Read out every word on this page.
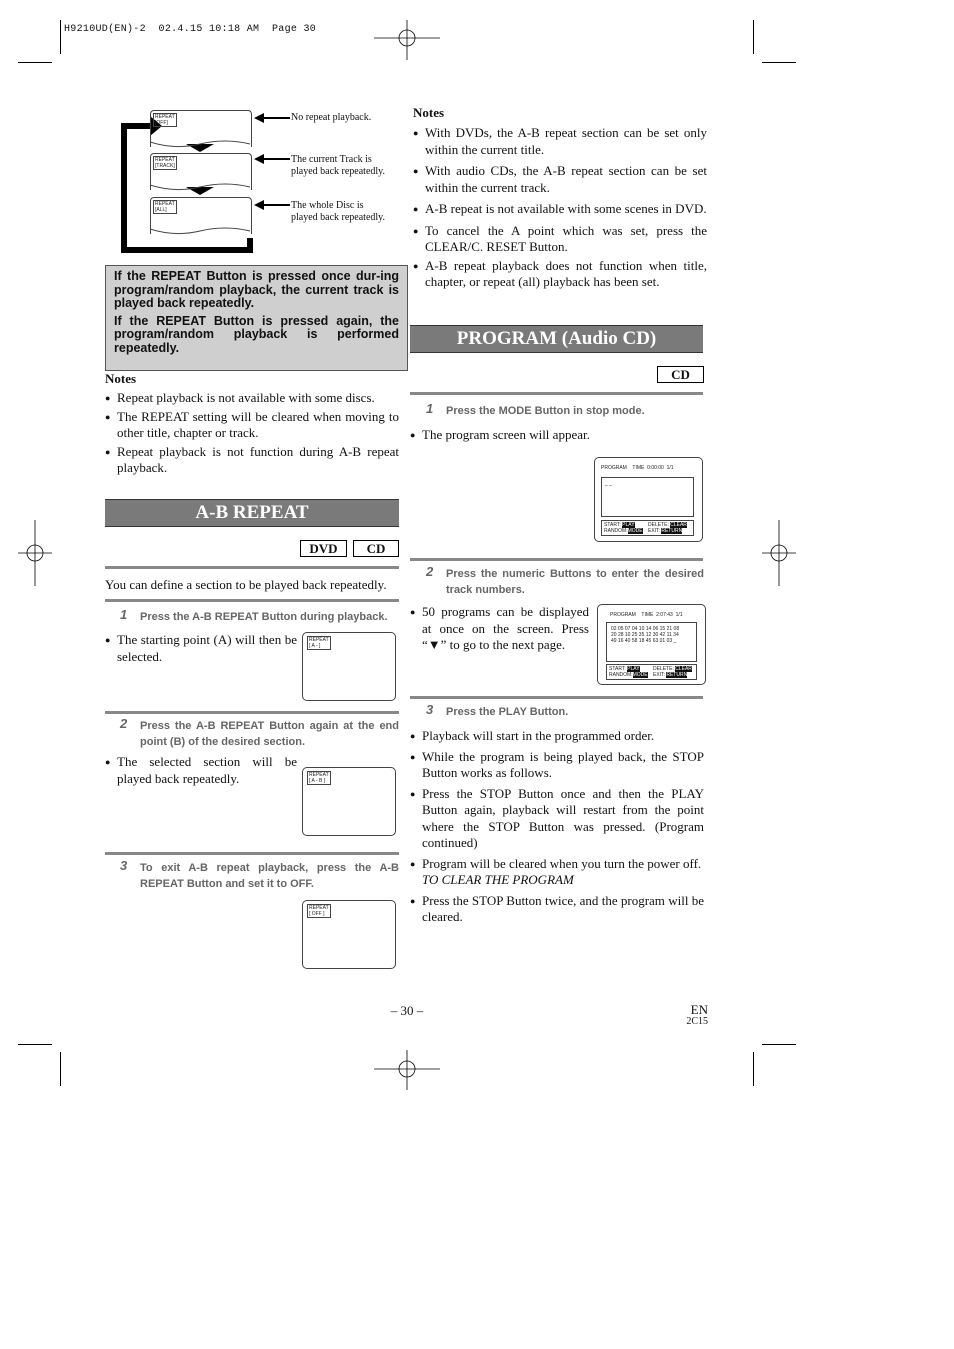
H9210UD(EN)-2 02.4.15 10:18 AM Page 30
REPEAT
[OFF]
REPEAT
[TRACK]
REPEAT
[ALL]
No repeat playback.
The current Track is played back repeatedly.
The whole Disc is played back repeatedly.
If the REPEAT Button is pressed once dur-ing program/random playback, the current track is played back repeatedly.
If the REPEAT Button is pressed again, the program/random playback is performed repeatedly.
Notes
● Repeat playback is not available with some discs.
● The REPEAT setting will be cleared when moving to other title, chapter or track.
● Repeat playback is not function during A-B repeat playback.
A-B REPEAT
DVD	CD
You can define a section to be played back repeatedly.
1	Press the A-B REPEAT Button during playback.
● The starting point (A) will then be selected.
REPEAT
[ A - ]
2	Press the A-B REPEAT Button again at the end point (B) of the desired section.
● The selected section will be played back repeatedly.	REPEAT
[ A - B ]
3	To exit A-B repeat playback, press the A-B REPEAT Button and set it to OFF.
REPEAT
[ OFF ]
Notes
● With DVDs, the A-B repeat section can be set only within the current title.
● With audio CDs, the A-B repeat section can be set within the current track.
● A-B repeat is not available with some scenes in DVD.
● To cancel the A point which was set, press the CLEAR/C. RESET Button.
● A-B repeat playback does not function when title, chapter, or repeat (all) playback has been set.
PROGRAM (Audio CD)
CD
1	Press the MODE Button in stop mode.
● The program screen will appear.
PROGRAM TIME 0:00:00 1/1
_ _
START: PLAY
RANDOM:MODE
DELETE: CLEAR
EXIT: RETURN
2	Press the numeric Buttons to enter the desired track numbers.
● 50 programs can be displayed at once on the screen. Press “▼” to go to the next page.
PROGRAM TIME 2:07:43 1/1
02 05 07 04 10 14 06 15 21 08
20 28 10 25 35 12 30 42 11 34
49 16 40 58 18 45 63 01 03 _
START: PLAY
RANDOM:MODE
DELETE: CLEAR
EXIT: RETURN
3	Press the PLAY Button.
● Playback will start in the programmed order.
● While the program is being played back, the STOP Button works as follows.
● Press the STOP Button once and then the PLAY Button again, playback will restart from the point where the STOP Button was pressed. (Program continued)
● Program will be cleared when you turn the power off.
TO CLEAR THE PROGRAM
● Press the STOP Button twice, and the program will be cleared.
– 30 –	EN
2C15
